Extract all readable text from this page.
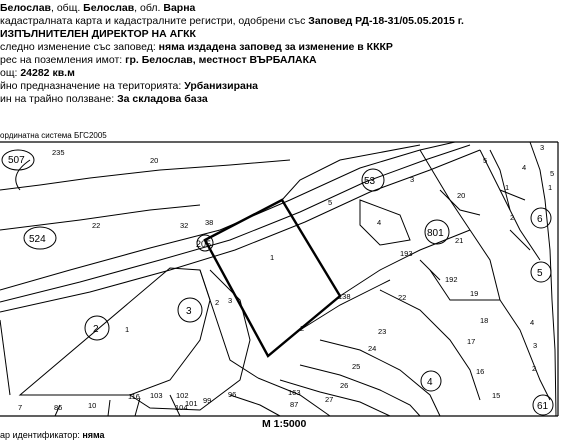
235
20
22	32 38
5
3
4
5
1
2 3
1
20
21
193
192
22	19
18
17
16
15
23
24
25
26
27
103 102
101 99
96	163
87
116
104
86	10
7
2
1
4
3
2
138
2
4
1
3
5
507
524
2
3
205
53
801
6
5
4
61
Белослав, общ. Белослав, обл. Варна
кадастралната карта и кадастралните регистри, одобрени със Заповед РД-18-31/05.05.2015 г.
ИЗПЪЛНИТЕЛЕН ДИРЕКТОР НА АГКК
следно изменение със заповед: няма издадена заповед за изменение в КККР
рес на поземления имот: гр. Белослав, местност ВЪРБАЛАКА
ощ: 24282 кв.м
йно предназначение на територията: Урбанизирана
ин на трайно ползване: За складова база
ординатна система БГС2005
М 1:5000
ар идентификатор: няма
